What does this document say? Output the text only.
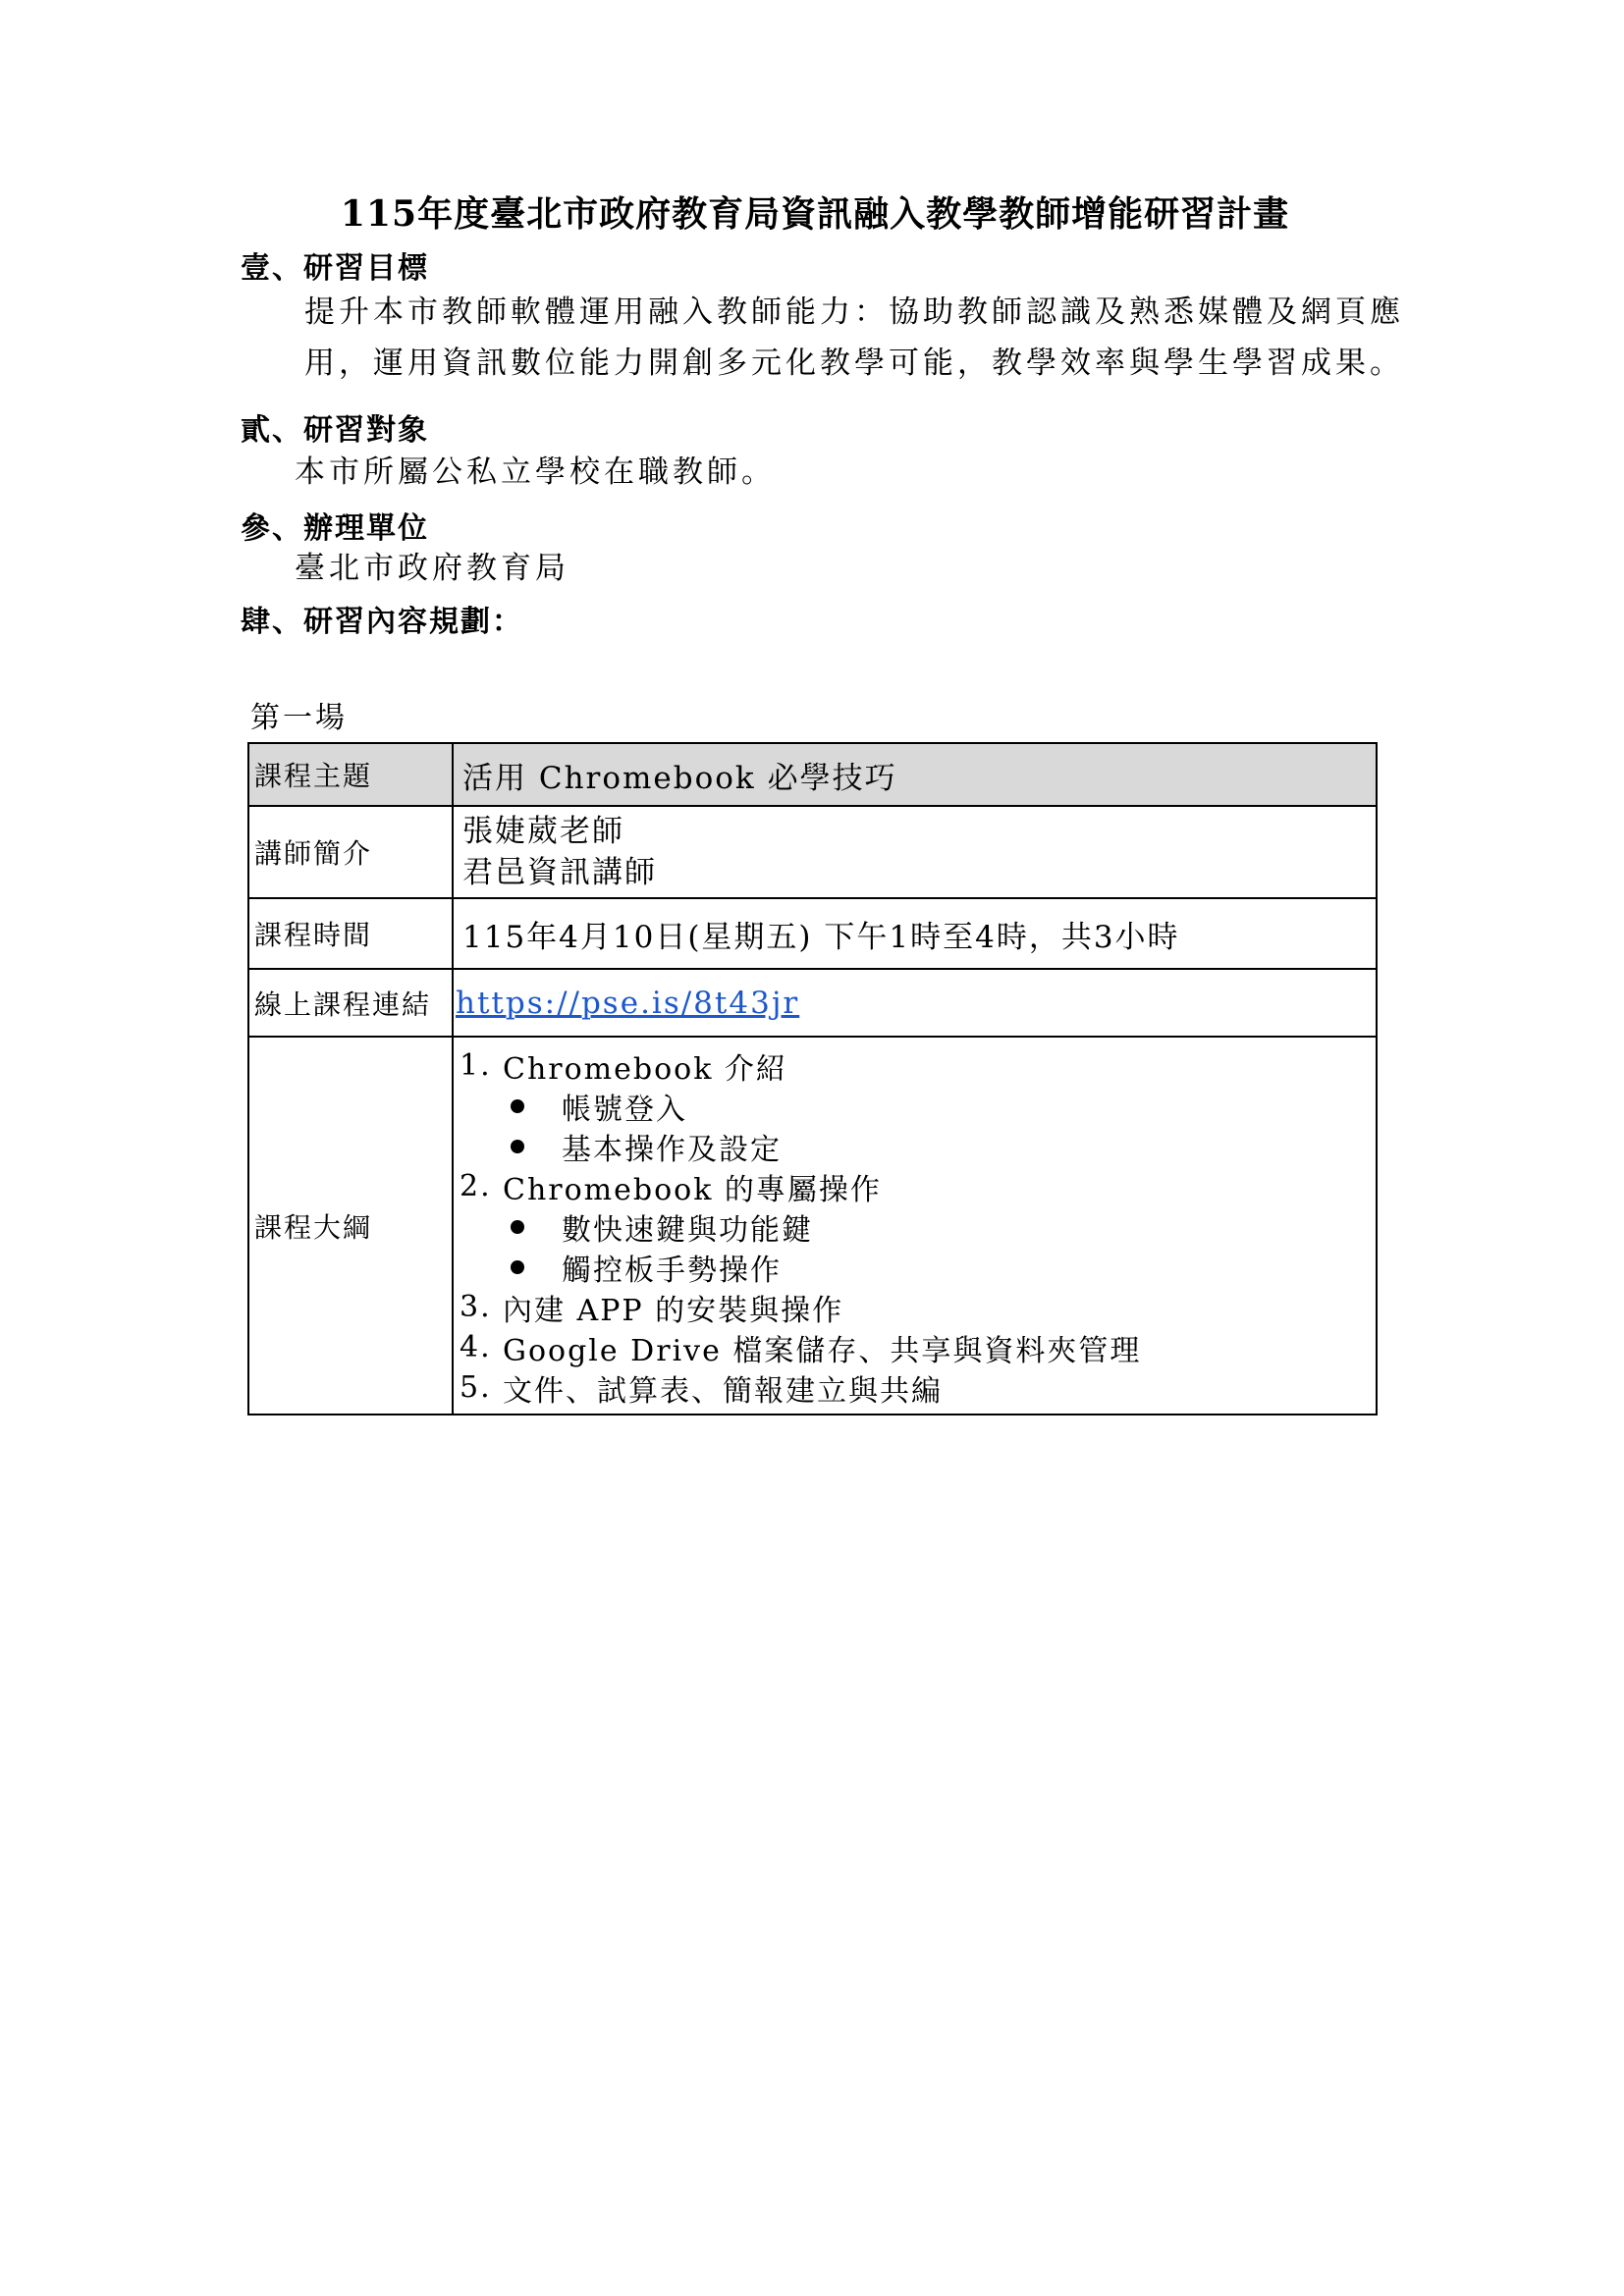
115年度臺北市政府教育局資訊融入教學教師增能研習計畫
壹、研習目標
提升本市教師軟體運用融入教師能力：協助教師認識及熟悉媒體及網頁應
用，運用資訊數位能力開創多元化教學可能，教學效率與學生學習成果。
貳、研習對象
本市所屬公私立學校在職教師。
參、辦理單位
臺北市政府教育局
肆、研習內容規劃：
第一場
課程主題	活用 Chromebook 必學技巧
講師簡介
張婕葳老師
君邑資訊講師
課程時間	115年4月10日(星期五) 下午1時至4時，共3小時
線上課程連結 https://pse.is/8t43jr
課程大綱
1. Chromebook 介紹
帳號登入
基本操作及設定
2. Chromebook 的專屬操作
數快速鍵與功能鍵
觸控板手勢操作
3. 內建 APP 的安裝與操作
4. Google Drive 檔案儲存、共享與資料夾管理
5. 文件、試算表、簡報建立與共編
